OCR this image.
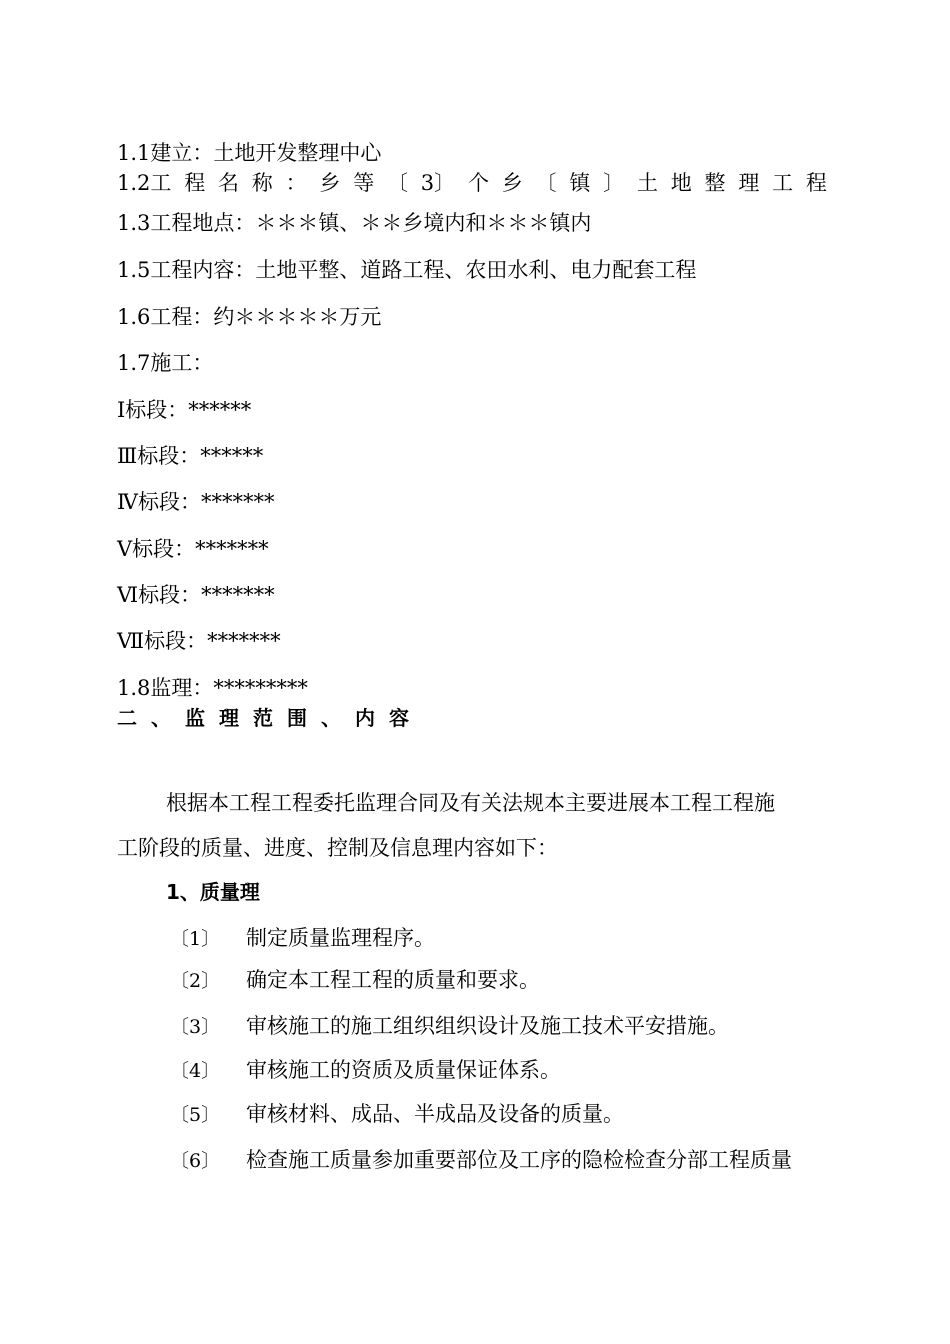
1.1建立：土地开发整理中心
1.2工 程 名 称 ： 乡 等 〔 3〕 个 乡 〔 镇 〕 土 地 整 理 工 程
1.3工程地点：＊＊＊镇、＊＊乡境内和＊＊＊镇内
1.5工程内容：土地平整、道路工程、农田水利、电力配套工程
1.6工程：约＊＊＊＊＊万元
1.7施工：
Ⅰ标段：******
Ⅲ标段：******
Ⅳ标段：*******
Ⅴ标段：*******
Ⅵ标段：*******
Ⅶ标段：*******
1.8监理：*********
二、监理范围、内容
根据本工程工程委托监理合同及有关法规本主要进展本工程工程施
工阶段的质量、进度、控制及信息理内容如下：
1、质量理
〔1〕 制定质量监理程序。
〔2〕 确定本工程工程的质量和要求。
〔3〕 审核施工的施工组织组织设计及施工技术平安措施。
〔4〕 审核施工的资质及质量保证体系。
〔5〕 审核材料、成品、半成品及设备的质量。
〔6〕 检查施工质量参加重要部位及工序的隐检检查分部工程质量
